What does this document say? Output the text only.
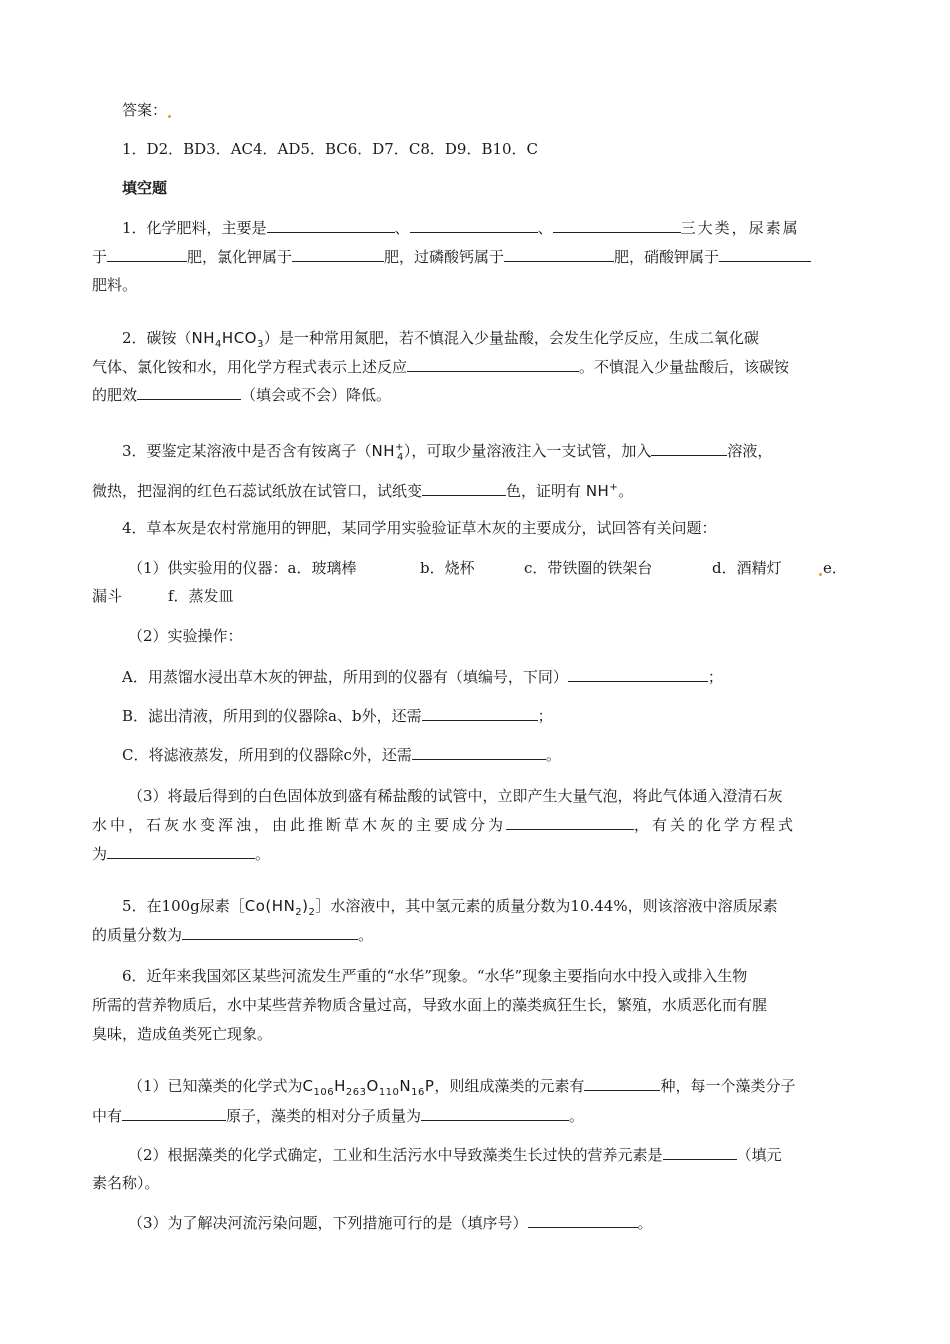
答案：
1．D2．BD3．AC4．AD5．BC6．D7．C8．D9．B10．C
填空题
1．化学肥料，主要是	、	、	三大类，尿素属
于	肥，氯化钾属于	肥，过磷酸钙属于	肥，硝酸钾属于
肥料。
2．碳铵$(NH_4HCO_3)$是一种常用氮肥，若不慎混入少量盐酸，会发生化学反应，生成二氧化碳
气体、氯化铵和水，用化学方程式表示上述反应	。不慎混入少量盐酸后，该碳铵
的肥效	（填会或不会）降低。
3．要鉴定某溶液中是否含有铵离子$(NH^+_4)$，可取少量溶液注入一支试管，加入	溶液，
微热，把湿润的红色石蕊试纸放在试管口，试纸变	色，证明有 NH+。
4．草本灰是农村常施用的钾肥，某同学用实验验证草木灰的主要成分，试回答有关问题：
（1）供实验用的仪器：a．玻璃棒	b．烧杯	c．带铁圈的铁架台	d．酒精灯	e．
漏斗	f．蒸发皿
（2）实验操作：
A．用蒸馏水浸出草木灰的钾盐，所用到的仪器有（填编号，下同）	；
B．滤出清液，所用到的仪器除a、b外，还需	；
C．将滤液蒸发，所用到的仪器除c外，还需	。
（3）将最后得到的白色固体放到盛有稀盐酸的试管中，立即产生大量气泡，将此气体通入澄清石灰
水中，石灰水变浑浊，由此推断草木灰的主要成分为	，有关的化学方程式
为	。
5．在100g尿素$[Co(HN_2)_2]$水溶液中，其中氢元素的质量分数为10.44%，则该溶液中溶质尿素
的质量分数为	。
6．近年来我国郊区某些河流发生严重的“水华”现象。“水华”现象主要指向水中投入或排入生物
所需的营养物质后，水中某些营养物质含量过高，导致水面上的藻类疯狂生长，繁殖，水质恶化而有腥
臭味，造成鱼类死亡现象。
（1）已知藻类的化学式为$C_{106}H_{263}O_{110}N_{16}P$，则组成藻类的元素有	种，每一个藻类分子
中有	原子，藻类的相对分子质量为	。
（2）根据藻类的化学式确定，工业和生活污水中导致藻类生长过快的营养元素是	（填元
素名称）。
（3）为了解决河流污染问题，下列措施可行的是（填序号）	。
